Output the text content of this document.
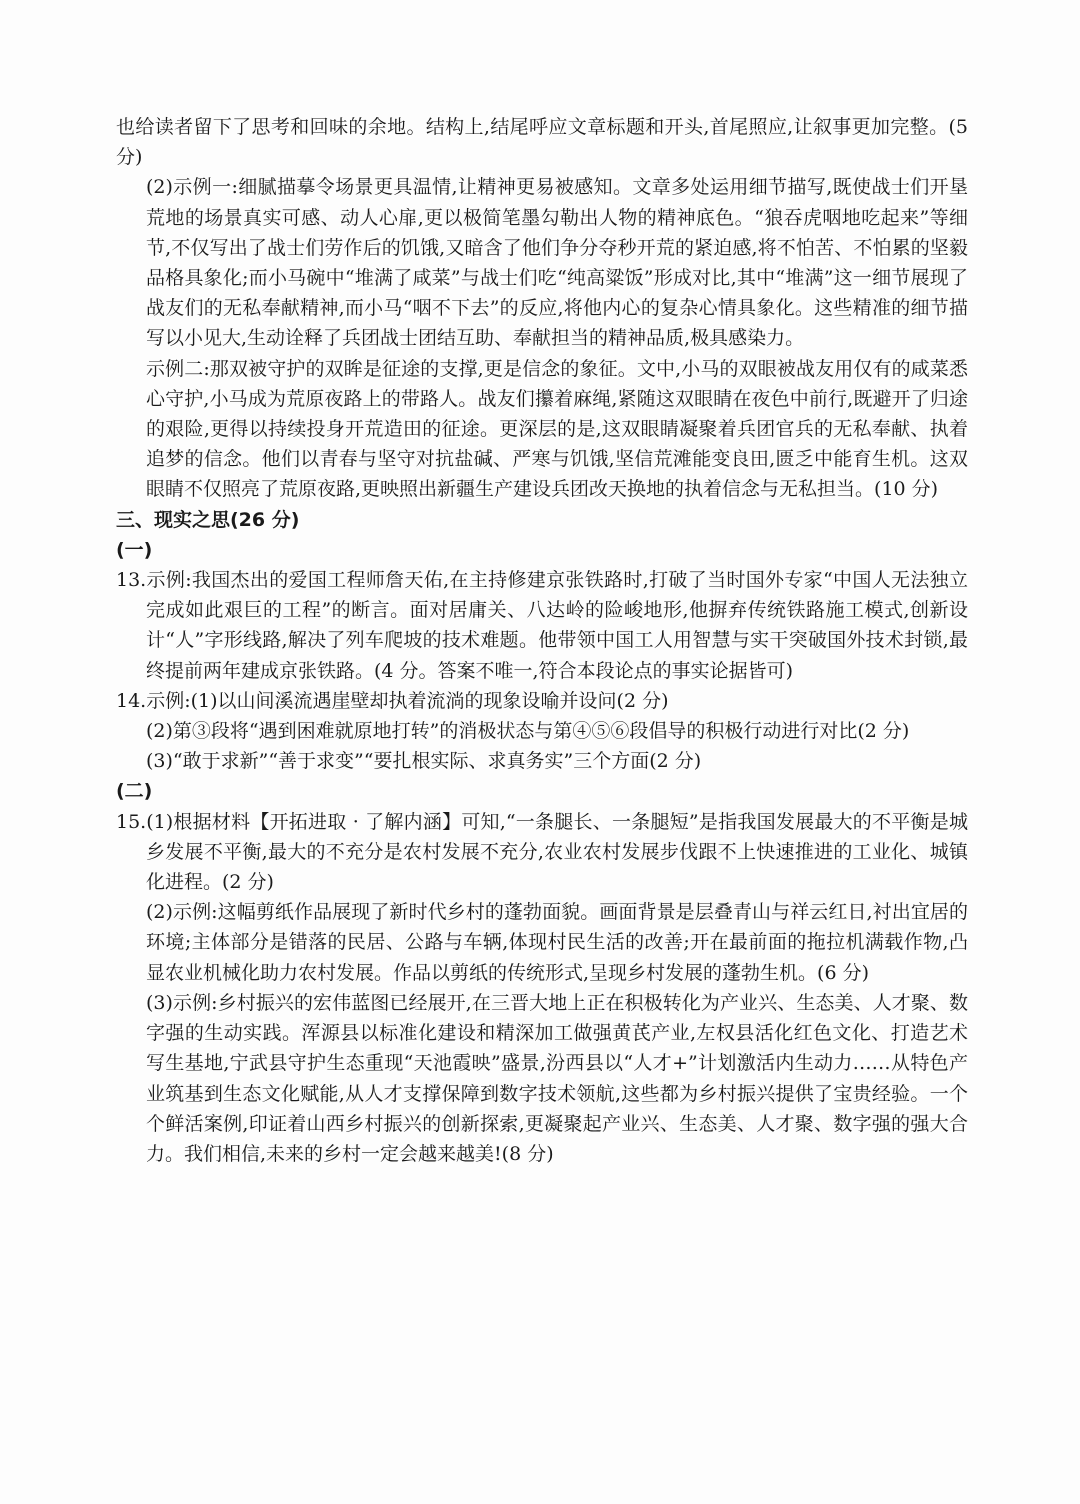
也给读者留下了思考和回味的余地。结构上,结尾呼应文章标题和开头,首尾照应,让叙事更加完整。(5 分)

(2)示例一:细腻描摹令场景更具温情,让精神更易被感知。文章多处运用细节描写,既使战士们开垦荒地的场景真实可感、动人心扉,更以极简笔墨勾勒出人物的精神底色。“狼吞虎咽地吃起来”等细节,不仅写出了战士们劳作后的饥饿,又暗含了他们争分夺秒开荒的紧迫感,将不怕苦、不怕累的坚毅品格具象化;而小马碗中“堆满了咸菜”与战士们吃“纯高粱饭”形成对比,其中“堆满”这一细节展现了战友们的无私奉献精神,而小马“咽不下去”的反应,将他内心的复杂心情具象化。这些精准的细节描写以小见大,生动诠释了兵团战士团结互助、奉献担当的精神品质,极具感染力。

示例二:那双被守护的双眸是征途的支撑,更是信念的象征。文中,小马的双眼被战友用仅有的咸菜悉心守护,小马成为荒原夜路上的带路人。战友们攥着麻绳,紧随这双眼睛在夜色中前行,既避开了归途的艰险,更得以持续投身开荒造田的征途。更深层的是,这双眼睛凝聚着兵团官兵的无私奉献、执着追梦的信念。他们以青春与坚守对抗盐碱、严寒与饥饿,坚信荒滩能变良田,匮乏中能育生机。这双眼睛不仅照亮了荒原夜路,更映照出新疆生产建设兵团改天换地的执着信念与无私担当。(10 分)

三、现实之思(26 分)

(一)

13.示例:我国杰出的爱国工程师詹天佑,在主持修建京张铁路时,打破了当时国外专家“中国人无法独立完成如此艰巨的工程”的断言。面对居庸关、八达岭的险峻地形,他摒弃传统铁路施工模式,创新设计“人”字形线路,解决了列车爬坡的技术难题。他带领中国工人用智慧与实干突破国外技术封锁,最终提前两年建成京张铁路。(4 分。答案不唯一,符合本段论点的事实论据皆可)

14.示例:(1)以山间溪流遇崖壁却执着流淌的现象设喻并设问(2 分)

(2)第③段将“遇到困难就原地打转”的消极状态与第④⑤⑥段倡导的积极行动进行对比(2 分)

(3)“敢于求新”“善于求变”“要扎根实际、求真务实”三个方面(2 分)

(二)

15.(1)根据材料【开拓进取 · 了解内涵】可知,“一条腿长、一条腿短”是指我国发展最大的不平衡是城乡发展不平衡,最大的不充分是农村发展不充分,农业农村发展步伐跟不上快速推进的工业化、城镇化进程。(2 分)

(2)示例:这幅剪纸作品展现了新时代乡村的蓬勃面貌。画面背景是层叠青山与祥云红日,衬出宜居的环境;主体部分是错落的民居、公路与车辆,体现村民生活的改善;开在最前面的拖拉机满载作物,凸显农业机械化助力农村发展。作品以剪纸的传统形式,呈现乡村发展的蓬勃生机。(6 分)

(3)示例:乡村振兴的宏伟蓝图已经展开,在三晋大地上正在积极转化为产业兴、生态美、人才聚、数字强的生动实践。浑源县以标准化建设和精深加工做强黄芪产业,左权县活化红色文化、打造艺术写生基地,宁武县守护生态重现“天池霞映”盛景,汾西县以“人才+”计划激活内生动力……从特色产业筑基到生态文化赋能,从人才支撑保障到数字技术领航,这些都为乡村振兴提供了宝贵经验。一个个鲜活案例,印证着山西乡村振兴的创新探索,更凝聚起产业兴、生态美、人才聚、数字强的强大合力。我们相信,未来的乡村一定会越来越美!(8 分)
